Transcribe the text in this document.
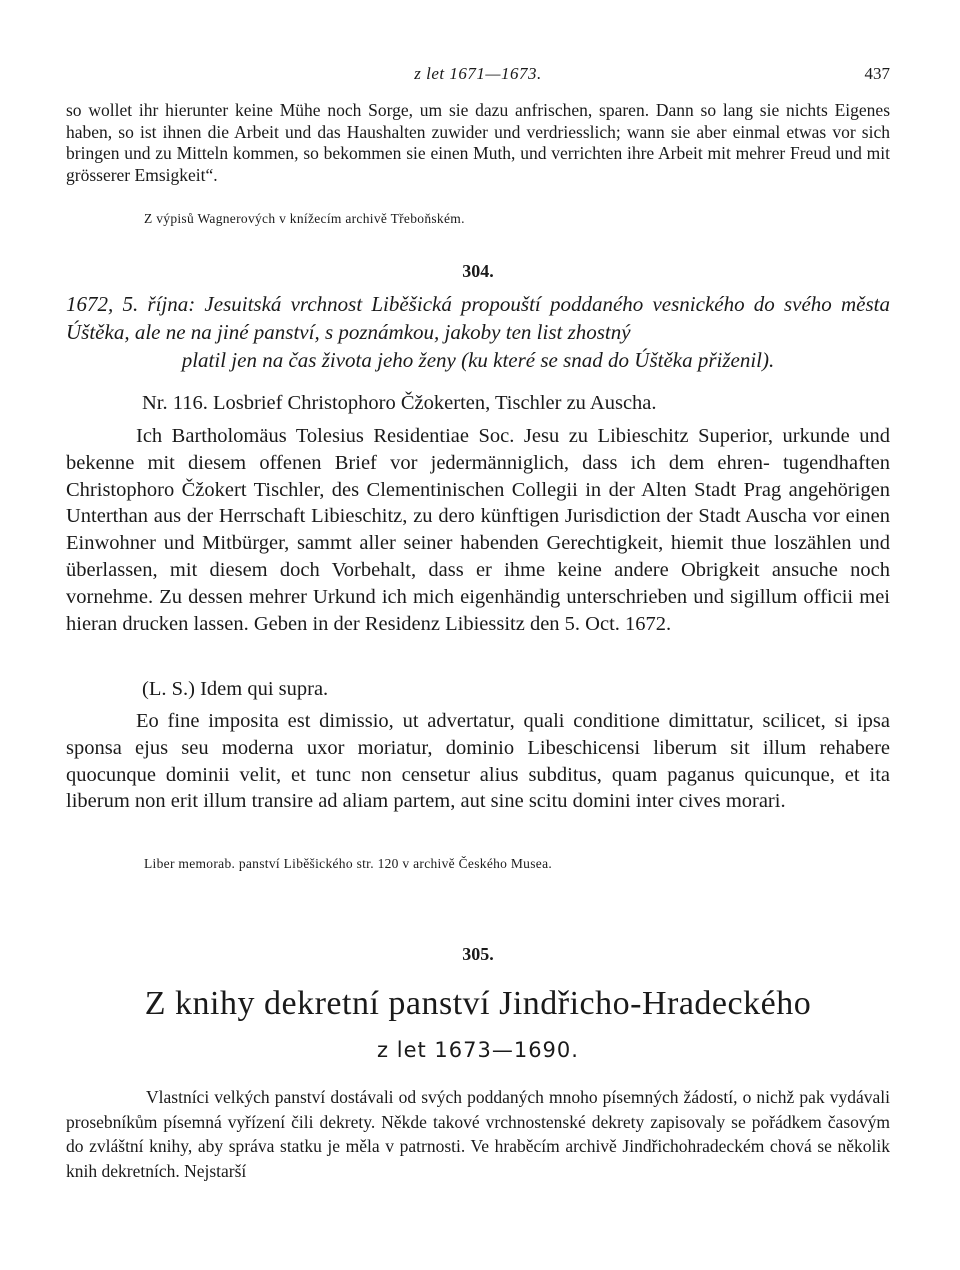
z let 1671—1673.	437

so wollet ihr hierunter keine Mühe noch Sorge, um sie dazu anfrischen, sparen. Dann so lang sie nichts Eigenes haben, so ist ihnen die Arbeit und das Haushalten zuwider und verdriesslich; wann sie aber einmal etwas vor sich bringen und zu Mitteln kommen, so bekommen sie einen Muth, und verrichten ihre Arbeit mit mehrer Freud und mit grösserer Emsigkeit“.

Z výpisů Wagnerových v knížecím archivě Třeboňském.
304.
1672, 5. října: Jesuitská vrchnost Liběšická propouští poddaného vesnického do svého města Úštěka, ale ne na jiné panství, s poznámkou, jakoby ten list zhostný
platil jen na čas života jeho ženy (ku které se snad do Úštěka přiženil).
Nr. 116. Losbrief Christophoro Čžokerten, Tischler zu Auscha.

Ich Bartholomäus Tolesius Residentiae Soc. Jesu zu Libieschitz Superior, urkunde und bekenne mit diesem offenen Brief vor jedermänniglich, dass ich dem ehren- tugendhaften Christophoro Čžokert Tischler, des Clementinischen Collegii in der Alten Stadt Prag angehörigen Unterthan aus der Herrschaft Libieschitz, zu dero künftigen Jurisdiction der Stadt Auscha vor einen Einwohner und Mitbürger, sammt aller seiner habenden Gerechtigkeit, hiemit thue loszählen und überlassen, mit diesem doch Vorbehalt, dass er ihme keine andere Obrigkeit ansuche noch vornehme. Zu dessen mehrer Urkund ich mich eigenhändig unterschrieben und sigillum officii mei hieran drucken lassen. Geben in der Residenz Libiessitz den 5. Oct. 1672.

(L. S.) Idem qui supra.

Eo fine imposita est dimissio, ut advertatur, quali conditione dimittatur, scilicet, si ipsa sponsa ejus seu moderna uxor moriatur, dominio Libeschicensi liberum sit illum rehabere quocunque dominii velit, et tunc non censetur alius subditus, quam paganus quicunque, et ita liberum non erit illum transire ad aliam partem, aut sine scitu domini inter cives morari.

Liber memorab. panství Liběšického str. 120 v archivě Českého Musea.
305.
Z knihy dekretní panství Jindřicho-Hradeckého
z let 1673—1690.

Vlastníci velkých panství dostávali od svých poddaných mnoho písemných žádostí, o nichž pak vydávali prosebníkům písemná vyřízení čili dekrety. Někde takové vrchnostenské dekrety zapisovaly se pořádkem časovým do zvláštní knihy, aby správa statku je měla v patrnosti. Ve hraběcím archivě Jindřichohradeckém chová se několik knih dekretních. Nejstarší
